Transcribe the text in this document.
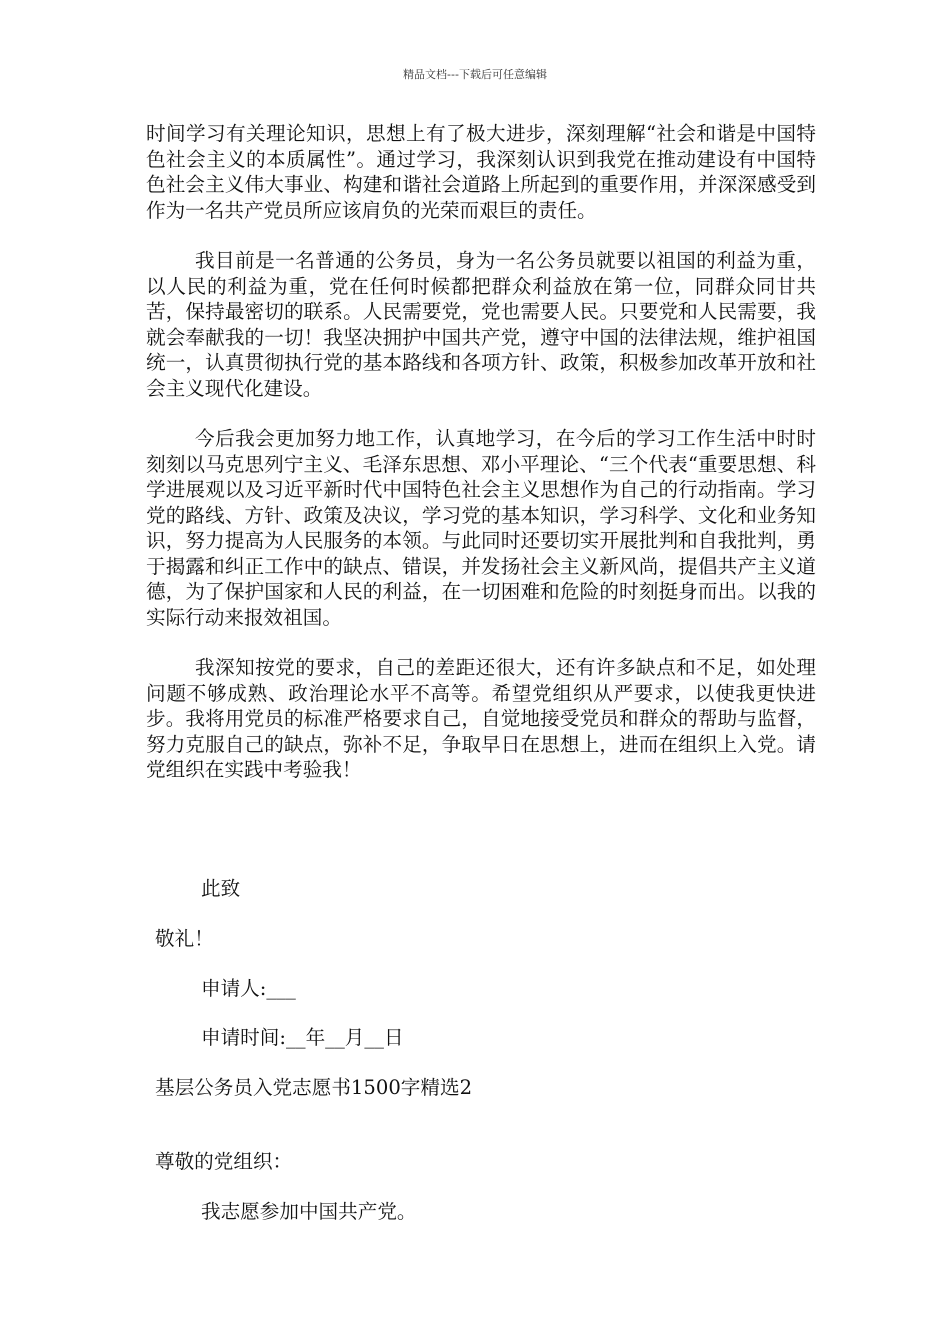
精品文档---下载后可任意编辑

时间学习有关理论知识，思想上有了极大进步，深刻理解“社会和谐是中国特色社会主义的本质属性”。通过学习，我深刻认识到我党在推动建设有中国特色社会主义伟大事业、构建和谐社会道路上所起到的重要作用，并深深感受到作为一名共产党员所应该肩负的光荣而艰巨的责任。

我目前是一名普通的公务员，身为一名公务员就要以祖国的利益为重，以人民的利益为重，党在任何时候都把群众利益放在第一位，同群众同甘共苦，保持最密切的联系。人民需要党，党也需要人民。只要党和人民需要，我就会奉献我的一切！我坚决拥护中国共产党，遵守中国的法律法规，维护祖国统一，认真贯彻执行党的基本路线和各项方针、政策，积极参加改革开放和社会主义现代化建设。

今后我会更加努力地工作，认真地学习，在今后的学习工作生活中时时刻刻以马克思列宁主义、毛泽东思想、邓小平理论、“三个代表“重要思想、科学进展观以及习近平新时代中国特色社会主义思想作为自己的行动指南。学习党的路线、方针、政策及决议，学习党的基本知识，学习科学、文化和业务知识，努力提高为人民服务的本领。与此同时还要切实开展批判和自我批判，勇于揭露和纠正工作中的缺点、错误，并发扬社会主义新风尚，提倡共产主义道德，为了保护国家和人民的利益，在一切困难和危险的时刻挺身而出。以我的实际行动来报效祖国。

我深知按党的要求，自己的差距还很大，还有许多缺点和不足，如处理问题不够成熟、政治理论水平不高等。希望党组织从严要求，以使我更快进步。我将用党员的标准严格要求自己，自觉地接受党员和群众的帮助与监督，努力克服自己的缺点，弥补不足，争取早日在思想上，进而在组织上入党。请党组织在实践中考验我！

此致
敬礼！
申请人:___
申请时间:__年__月__日
基层公务员入党志愿书1500字精选2
尊敬的党组织：
我志愿参加中国共产党。
